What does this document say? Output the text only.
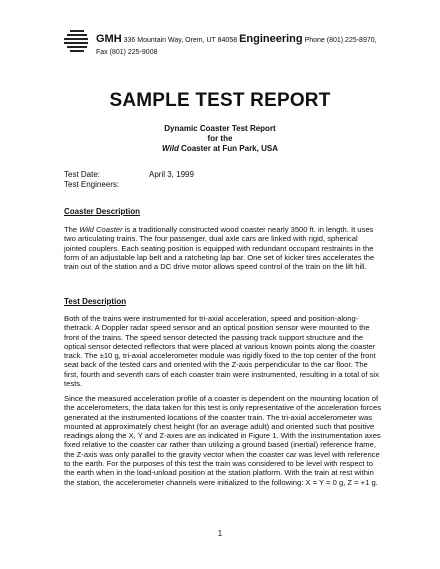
GMH 336 Mountain Way, Orem, UT 84058 Engineering Phone (801) 225-8970,
Fax (801) 225-9008
SAMPLE TEST REPORT
Dynamic Coaster Test Report
for the
Wild Coaster at Fun Park, USA
Test Date:	April 3, 1999
Test Engineers:
Coaster Description

The Wild Coaster is a traditionally constructed wood coaster nearly 3500 ft. in length. It uses two articulating trains. The four passenger, dual axle cars are linked with rigid, spherical jointed couplers. Each seating position is equipped with redundant occupant restraints in the form of an adjustable lap belt and a ratcheting lap bar. One set of kicker tires accelerates the train out of the station and a DC drive motor allows speed control of the train on the lift hill.

Test Description

Both of the trains were instrumented for tri-axial acceleration, speed and position-along-thetrack. A Doppler radar speed sensor and an optical position sensor were mounted to the front of the trains. The speed sensor detected the passing track support structure and the optical sensor detected reflectors that were placed at various known points along the coaster track. The ±10 g, tri-axial accelerometer module was rigidly fixed to the top center of the front seat back of the tested cars and oriented with the Z-axis perpendicular to the car floor. The first, fourth and seventh cars of each coaster train were instrumented, resulting in a total of six tests.

Since the measured acceleration profile of a coaster is dependent on the mounting location of the accelerometers, the data taken for this test is only representative of the acceleration forces generated at the instrumented locations of the coaster train. The tri-axial accelerometer was mounted at approximately chest height (for an average adult) and oriented such that positive readings along the X, Y and Z-axes are as indicated in Figure 1. With the instrumentation axes fixed relative to the coaster car rather than utilizing a ground based (inertial) reference frame, the Z-axis was only parallel to the gravity vector when the coaster car was level with reference to the earth. For the purposes of this test the train was considered to be level with respect to the earth when in the load-unload position at the station platform. With the train at rest within the station, the accelerometer channels were initialized to the following: X = Y = 0 g, Z = +1 g.

1
